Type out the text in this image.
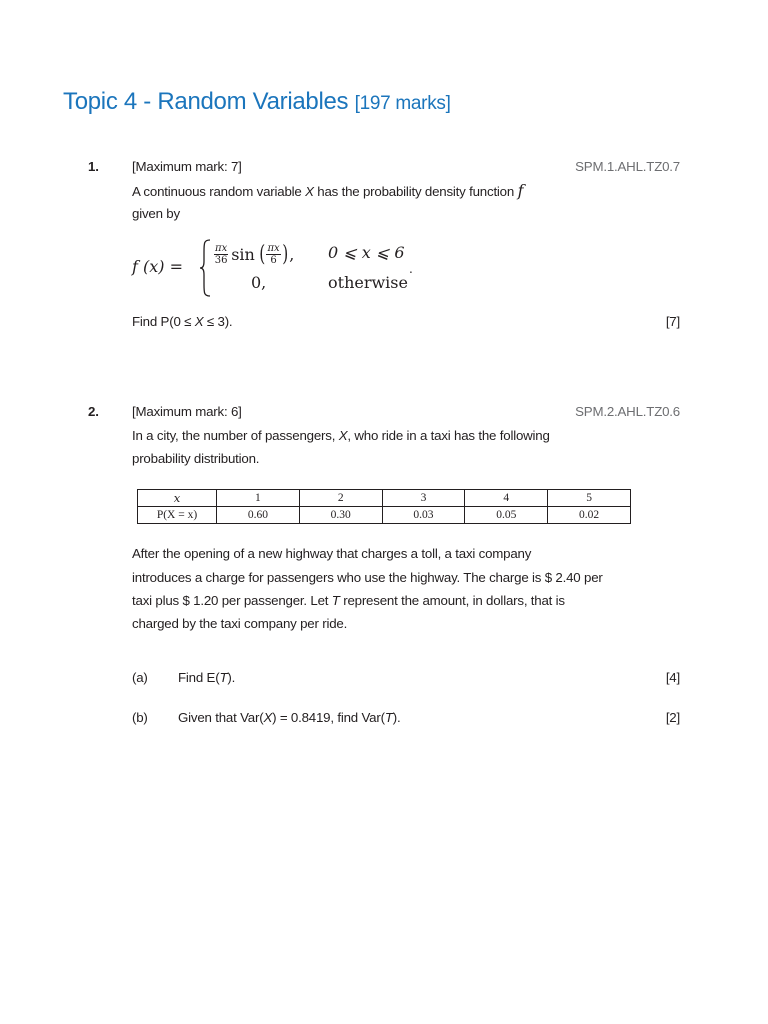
Topic 4 - Random Variables [197 marks]
1.	[Maximum mark: 7]	SPM.1.AHL.TZ0.7
A continuous random variable X has the probability density function f
given by
f (x) =
$\frac{\pi x}{36}$ sin ( $\frac{\pi x}{6}$ ) , 0 ⩽ x ⩽ 6
0,	otherwise
.
Find P(0 ≤ X ≤ 3).	[7]
2.	[Maximum mark: 6]	SPM.2.AHL.TZ0.6
In a city, the number of passengers, X, who ride in a taxi has the following
probability distribution.
x	1	2	3	4	5
P(X = x)	0.60	0.30	0.03	0.05	0.02
After the opening of a new highway that charges a toll, a taxi company
introduces a charge for passengers who use the highway. The charge is $ 2.40 per
taxi plus $ 1.20 per passenger. Let T represent the amount, in dollars, that is
charged by the taxi company per ride.
(a) Find E(T).	[4]
(b) Given that Var(X) = 0.8419, find Var(T).	[2]
